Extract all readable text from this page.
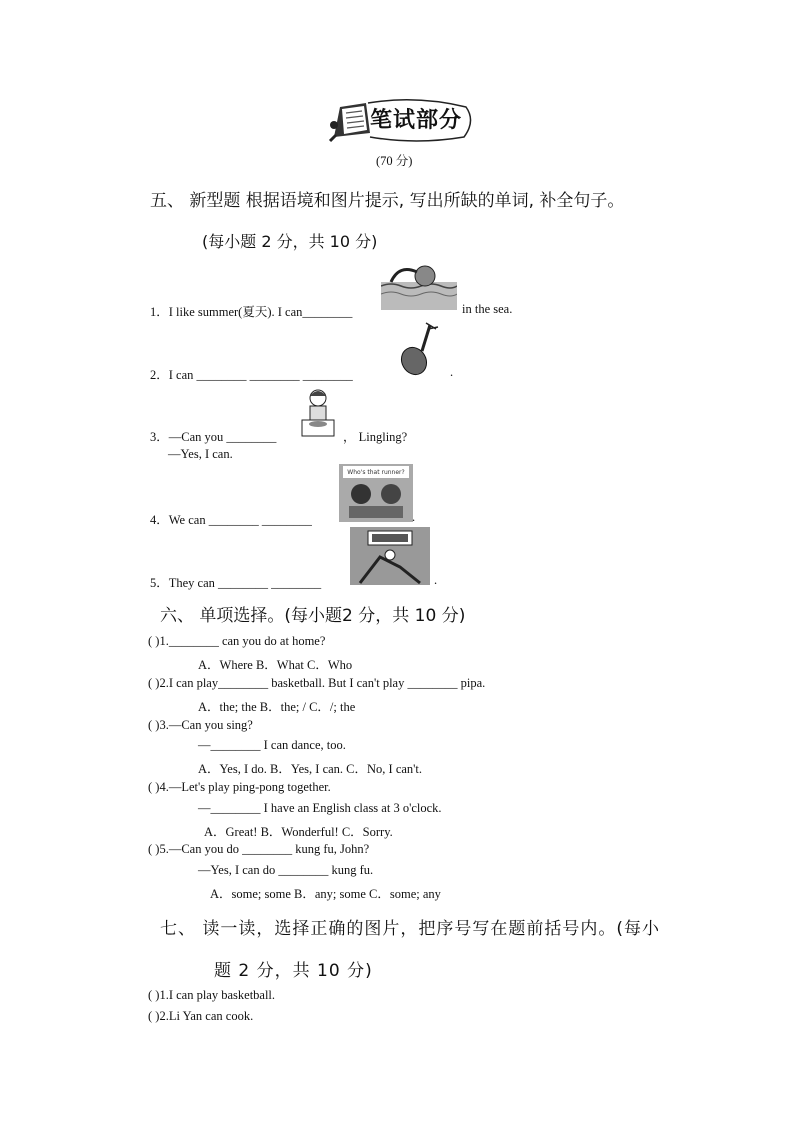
笔试部分
(70 分)
五、 新型题 根据语境和图片提示, 写出所缺的单词, 补全句子。
(每小题 2 分，共 10 分)
1．I like summer(夏天). I can________	in the sea.
2．I can ________ ________ ________	.
3．—Can you ________	， Lingling?
—Yes, I can.
4．We can ________ ________
Who's that runner?
.
5．They can ________ ________	.
六、 单项选择。(每小题2 分，共 10 分)
( )1.________ can you do at home?
A．Where B．What C．Who
( )2.I can play________ basketball. But I can't play ________ pipa.
A．the; the B．the; / C．/; the
( )3.—Can you sing?
—________ I can dance, too.
A．Yes, I do. B．Yes, I can. C．No, I can't.
( )4.—Let's play ping-pong together.
—________ I have an English class at 3 o'clock.
A．Great! B．Wonderful! C．Sorry.
( )5.—Can you do ________ kung fu, John?
—Yes, I can do ________ kung fu.
A．some; some B．any; some C．some; any
七、 读一读，选择正确的图片，把序号写在题前括号内。(每小
题 2 分，共 10 分)
( )1.I can play basketball.
( )2.Li Yan can cook.
